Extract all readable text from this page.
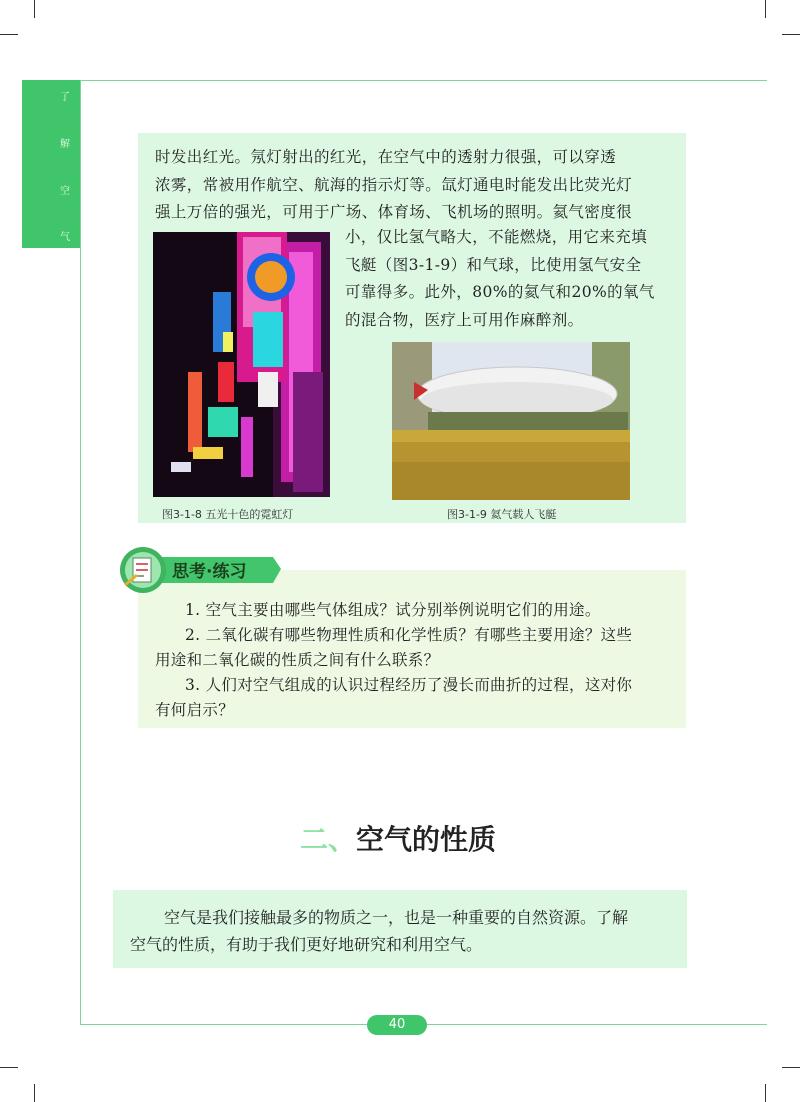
了
解
空
气

时发出红光。氖灯射出的红光，在空气中的透射力很强，可以穿透

浓雾，常被用作航空、航海的指示灯等。氙灯通电时能发出比荧光灯

强上万倍的强光，可用于广场、体育场、飞机场的照明。氦气密度很

小，仅比氢气略大，不能燃烧，用它来充填

飞艇（图3-1-9）和气球，比使用氢气安全

可靠得多。此外，80%的氦气和20%的氧气

的混合物，医疗上可用作麻醉剂。

图3-1-8 五光十色的霓虹灯	图3-1-9 氦气载人飞艇
思考·练习

1. 空气主要由哪些气体组成？试分别举例说明它们的用途。

2. 二氧化碳有哪些物理性质和化学性质？有哪些主要用途？这些

用途和二氧化碳的性质之间有什么联系？

3. 人们对空气组成的认识过程经历了漫长而曲折的过程，这对你

有何启示？

二、空气的性质

空气是我们接触最多的物质之一，也是一种重要的自然资源。了解

空气的性质，有助于我们更好地研究和利用空气。

40
